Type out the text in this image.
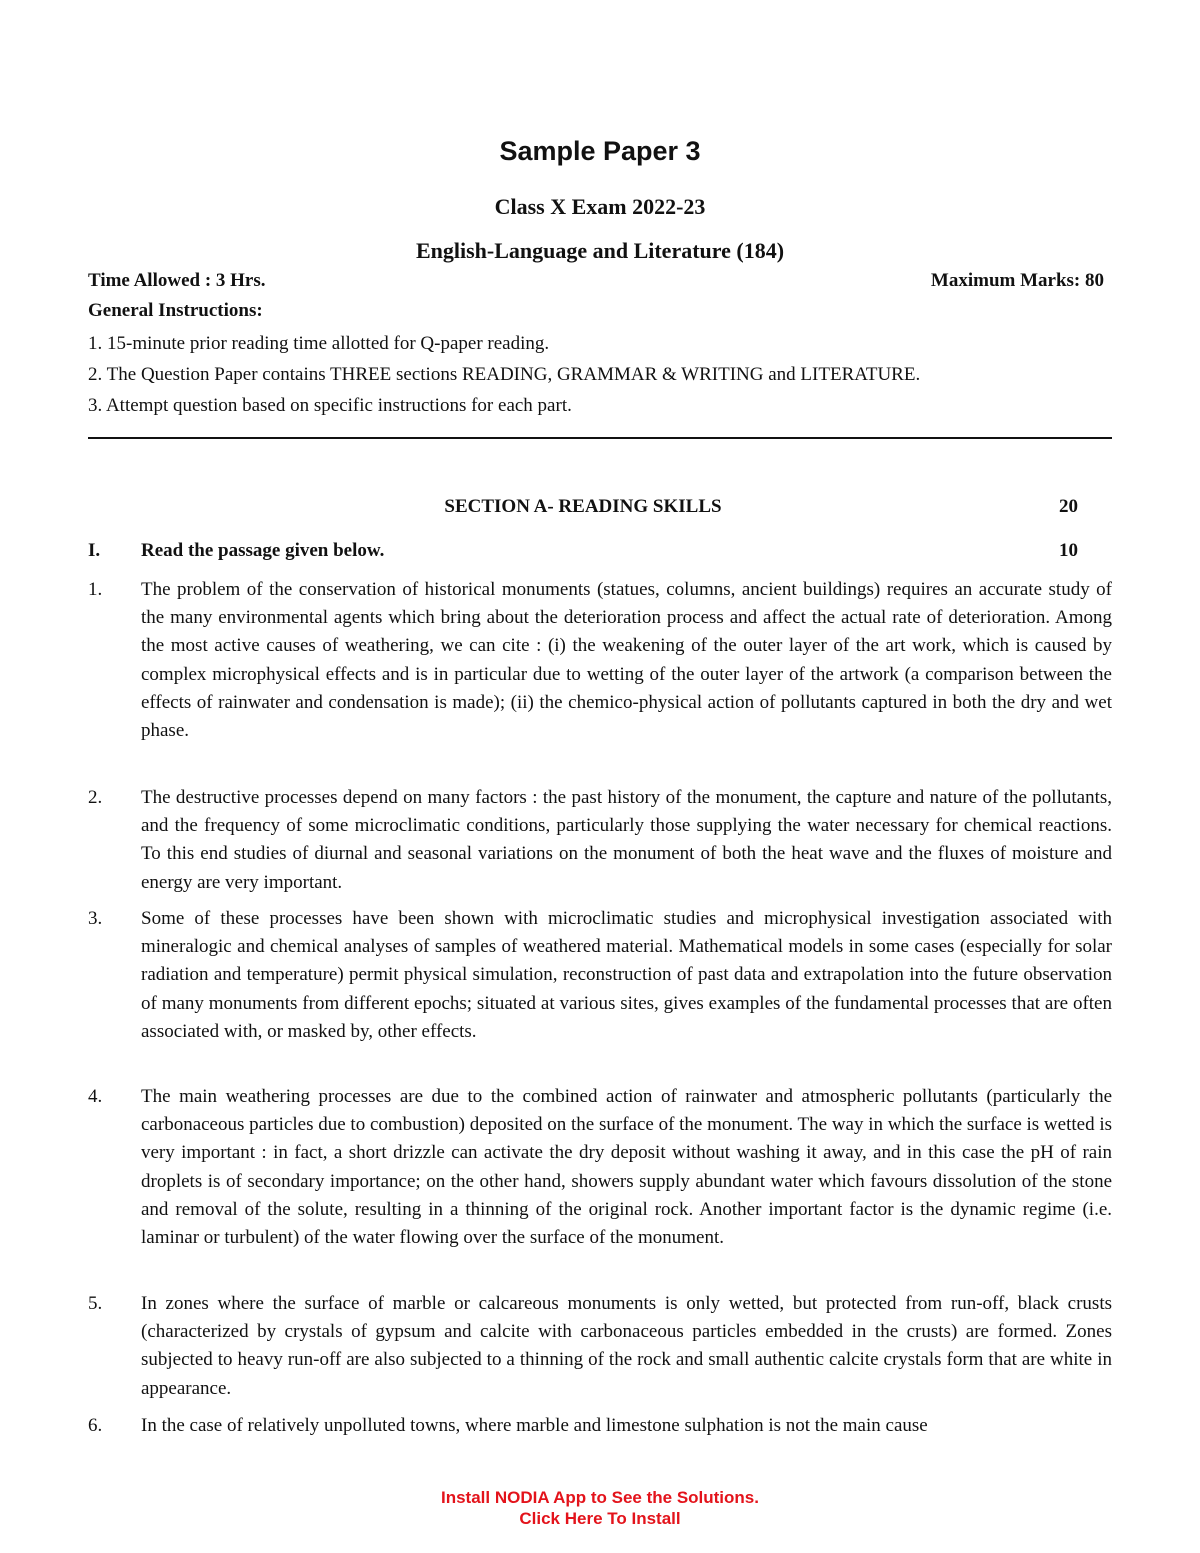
Sample Paper 3
Class X Exam 2022-23
English-Language and Literature (184)
Time Allowed : 3 Hrs.	Maximum Marks: 80
General Instructions:
1. 15-minute prior reading time allotted for Q-paper reading.
2. The Question Paper contains THREE sections READING, GRAMMAR & WRITING and LITERATURE.
3. Attempt question based on specific instructions for each part.
SECTION A- READING SKILLS	20
I. Read the passage given below.	10
1. The problem of the conservation of historical monuments (statues, columns, ancient buildings) requires an accurate study of the many environmental agents which bring about the deterioration process and affect the actual rate of deterioration. Among the most active causes of weathering, we can cite : (i) the weakening of the outer layer of the art work, which is caused by complex microphysical effects and is in particular due to wetting of the outer layer of the artwork (a comparison between the effects of rainwater and condensation is made); (ii) the chemico-physical action of pollutants captured in both the dry and wet phase.
2. The destructive processes depend on many factors : the past history of the monument, the capture and nature of the pollutants, and the frequency of some microclimatic conditions, particularly those supplying the water necessary for chemical reactions. To this end studies of diurnal and seasonal variations on the monument of both the heat wave and the fluxes of moisture and energy are very important.
3. Some of these processes have been shown with microclimatic studies and microphysical investigation associated with mineralogic and chemical analyses of samples of weathered material. Mathematical models in some cases (especially for solar radiation and temperature) permit physical simulation, reconstruction of past data and extrapolation into the future observation of many monuments from different epochs; situated at various sites, gives examples of the fundamental processes that are often associated with, or masked by, other effects.
4. The main weathering processes are due to the combined action of rainwater and atmospheric pollutants (particularly the carbonaceous particles due to combustion) deposited on the surface of the monument. The way in which the surface is wetted is very important : in fact, a short drizzle can activate the dry deposit without washing it away, and in this case the pH of rain droplets is of secondary importance; on the other hand, showers supply abundant water which favours dissolution of the stone and removal of the solute, resulting in a thinning of the original rock. Another important factor is the dynamic regime (i.e. laminar or turbulent) of the water flowing over the surface of the monument.
5. In zones where the surface of marble or calcareous monuments is only wetted, but protected from run-off, black crusts (characterized by crystals of gypsum and calcite with carbonaceous particles embedded in the crusts) are formed. Zones subjected to heavy run-off are also subjected to a thinning of the rock and small authentic calcite crystals form that are white in appearance.
6. In the case of relatively unpolluted towns, where marble and limestone sulphation is not the main cause
Install NODIA App to See the Solutions.
Click Here To Install
